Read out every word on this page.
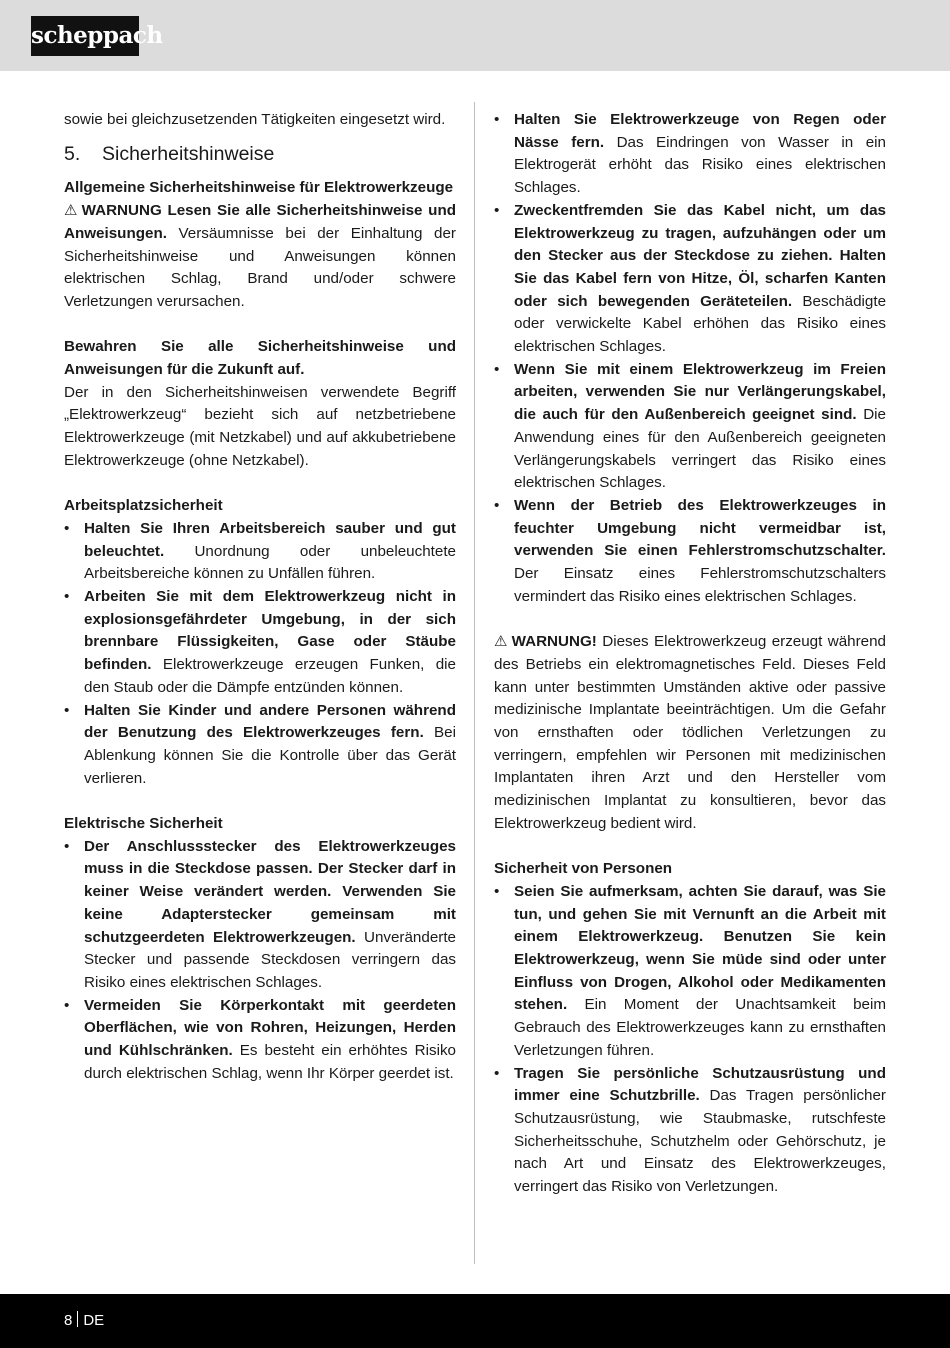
scheppach

sowie bei gleichzusetzenden Tätigkeiten eingesetzt wird.

5. Sicherheitshinweise

Allgemeine Sicherheitshinweise für Elektrowerkzeuge

⚠ WARNUNG Lesen Sie alle Sicherheitshinweise und Anweisungen. Versäumnisse bei der Einhaltung der Sicherheitshinweise und Anweisungen können elektrischen Schlag, Brand und/oder schwere Verletzungen verursachen.

Bewahren Sie alle Sicherheitshinweise und Anweisungen für die Zukunft auf.

Der in den Sicherheitshinweisen verwendete Begriff „Elektrowerkzeug“ bezieht sich auf netzbetriebene Elektrowerkzeuge (mit Netzkabel) und auf akkubetriebene Elektrowerkzeuge (ohne Netzkabel).

Arbeitsplatzsicherheit

• Halten Sie Ihren Arbeitsbereich sauber und gut beleuchtet. Unordnung oder unbeleuchtete Arbeitsbereiche können zu Unfällen führen.
• Arbeiten Sie mit dem Elektrowerkzeug nicht in explosionsgefährdeter Umgebung, in der sich brennbare Flüssigkeiten, Gase oder Stäube befinden. Elektrowerkzeuge erzeugen Funken, die den Staub oder die Dämpfe entzünden können.
• Halten Sie Kinder und andere Personen während der Benutzung des Elektrowerkzeuges fern. Bei Ablenkung können Sie die Kontrolle über das Gerät verlieren.

Elektrische Sicherheit

• Der Anschlussstecker des Elektrowerkzeuges muss in die Steckdose passen. Der Stecker darf in keiner Weise verändert werden. Verwenden Sie keine Adapterstecker gemeinsam mit schutzgeerdeten Elektrowerkzeugen. Unveränderte Stecker und passende Steckdosen verringern das Risiko eines elektrischen Schlages.
• Vermeiden Sie Körperkontakt mit geerdeten Oberflächen, wie von Rohren, Heizungen, Herden und Kühlschränken. Es besteht ein erhöhtes Risiko durch elektrischen Schlag, wenn Ihr Körper geerdet ist.
• Halten Sie Elektrowerkzeuge von Regen oder Nässe fern. Das Eindringen von Wasser in ein Elektrogerät erhöht das Risiko eines elektrischen Schlages.
• Zweckentfremden Sie das Kabel nicht, um das Elektrowerkzeug zu tragen, aufzuhängen oder um den Stecker aus der Steckdose zu ziehen. Halten Sie das Kabel fern von Hitze, Öl, scharfen Kanten oder sich bewegenden Geräteteilen. Beschädigte oder verwickelte Kabel erhöhen das Risiko eines elektrischen Schlages.
• Wenn Sie mit einem Elektrowerkzeug im Freien arbeiten, verwenden Sie nur Verlängerungskabel, die auch für den Außenbereich geeignet sind. Die Anwendung eines für den Außenbereich geeigneten Verlängerungskabels verringert das Risiko eines elektrischen Schlages.
• Wenn der Betrieb des Elektrowerkzeuges in feuchter Umgebung nicht vermeidbar ist, verwenden Sie einen Fehlerstromschutzschalter. Der Einsatz eines Fehlerstromschutzschalters vermindert das Risiko eines elektrischen Schlages.

⚠ WARNUNG! Dieses Elektrowerkzeug erzeugt während des Betriebs ein elektromagnetisches Feld. Dieses Feld kann unter bestimmten Umständen aktive oder passive medizinische Implantate beeinträchtigen. Um die Gefahr von ernsthaften oder tödlichen Verletzungen zu verringern, empfehlen wir Personen mit medizinischen Implantaten ihren Arzt und den Hersteller vom medizinischen Implantat zu konsultieren, bevor das Elektrowerkzeug bedient wird.

Sicherheit von Personen

• Seien Sie aufmerksam, achten Sie darauf, was Sie tun, und gehen Sie mit Vernunft an die Arbeit mit einem Elektrowerkzeug. Benutzen Sie kein Elektrowerkzeug, wenn Sie müde sind oder unter Einfluss von Drogen, Alkohol oder Medikamenten stehen. Ein Moment der Unachtsamkeit beim Gebrauch des Elektrowerkzeuges kann zu ernsthaften Verletzungen führen.
• Tragen Sie persönliche Schutzausrüstung und immer eine Schutzbrille. Das Tragen persönlicher Schutzausrüstung, wie Staubmaske, rutschfeste Sicherheitsschuhe, Schutzhelm oder Gehörschutz, je nach Art und Einsatz des Elektrowerkzeuges, verringert das Risiko von Verletzungen.
8 DE
